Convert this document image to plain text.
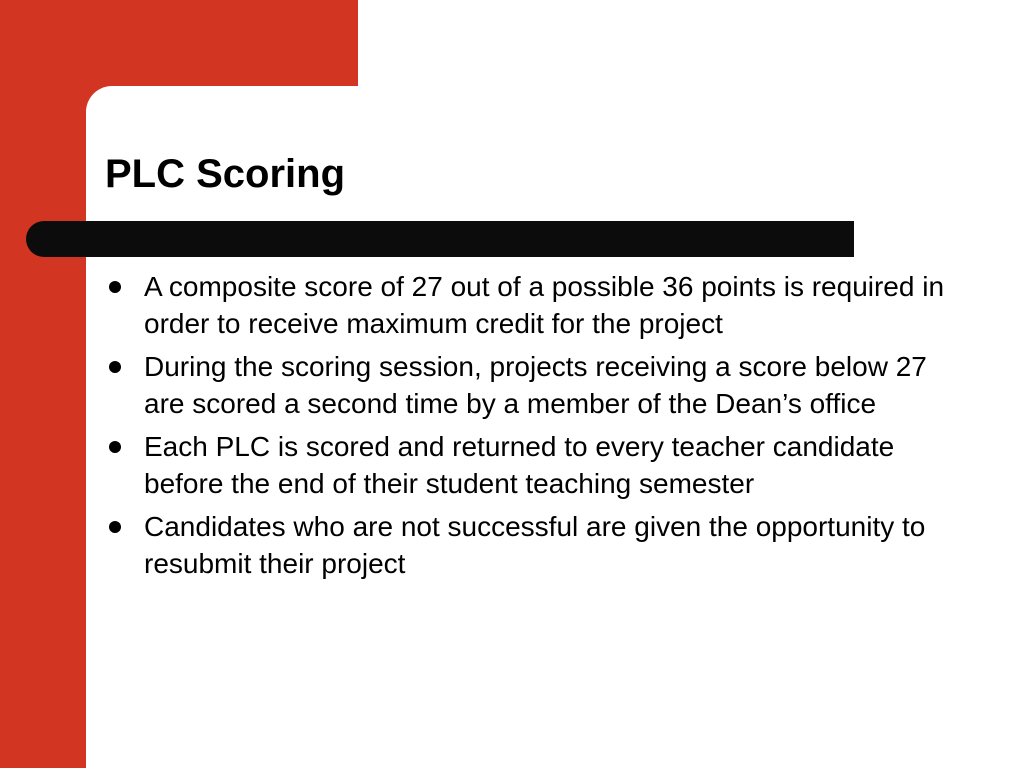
PLC Scoring
A composite score of 27 out of a possible 36 points is required in order to receive maximum credit for the project
During the scoring session, projects receiving a score below 27 are scored a second time by a member of the Dean’s office
Each PLC is scored and returned to every teacher candidate before the end of their student teaching semester
Candidates who are not successful are given the opportunity to resubmit their project
